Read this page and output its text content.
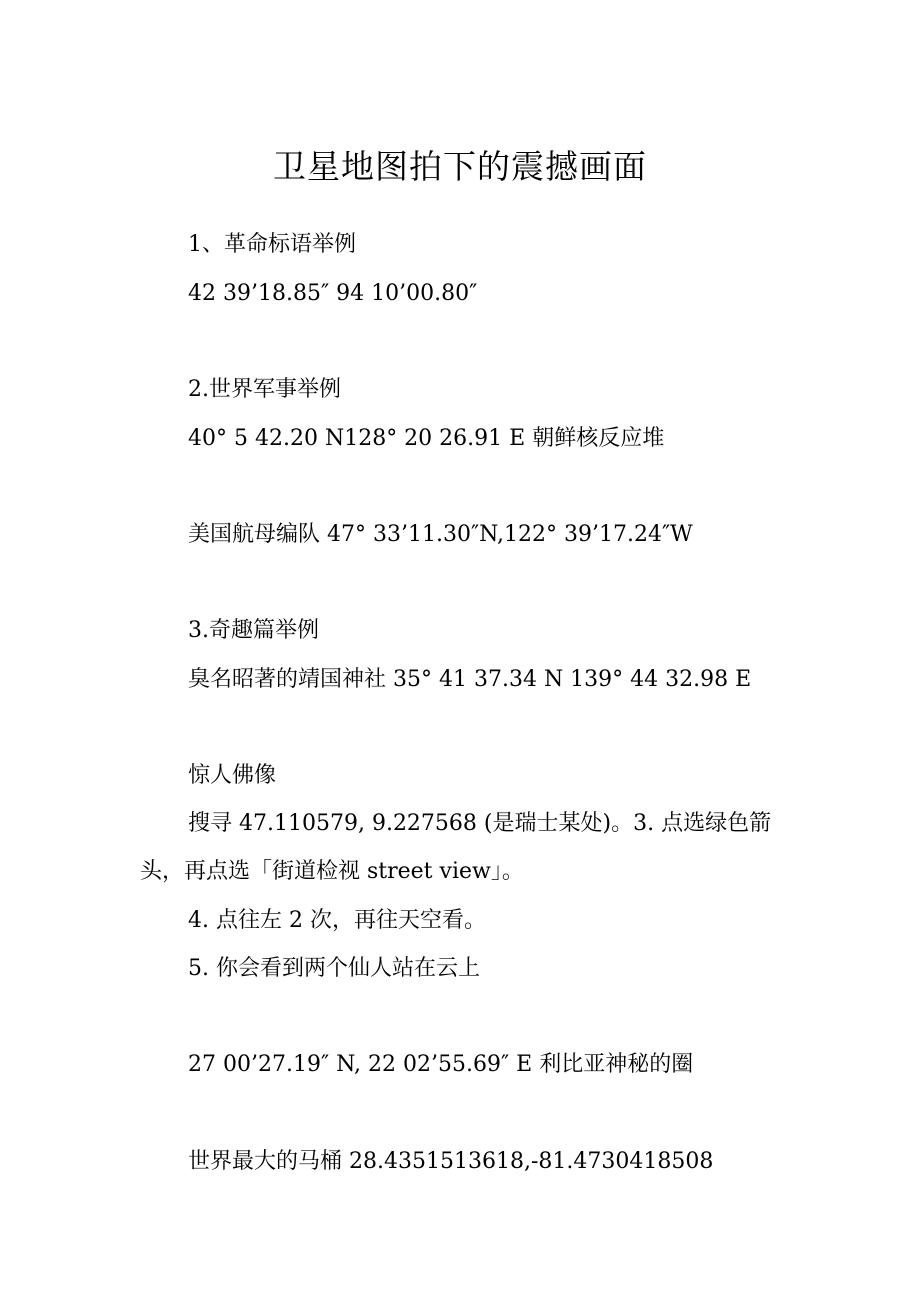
卫星地图拍下的震撼画面
1、革命标语举例
42 39’18.85″ 94 10’00.80″
2.世界军事举例
40° 5 42.20 N128° 20 26.91 E 朝鲜核反应堆
美国航母编队 47° 33’11.30″N,122° 39’17.24″W
3.奇趣篇举例
臭名昭著的靖国神社 35° 41 37.34 N 139° 44 32.98 E
惊人佛像
搜寻 47.110579, 9.227568 (是瑞士某处)。3. 点选绿色箭头，再点选「街道检视 street view」。
4. 点往左 2 次，再往天空看。
5. 你会看到两个仙人站在云上
27 00’27.19″ N, 22 02’55.69″ E 利比亚神秘的圈
世界最大的马桶 28.4351513618,-81.4730418508
